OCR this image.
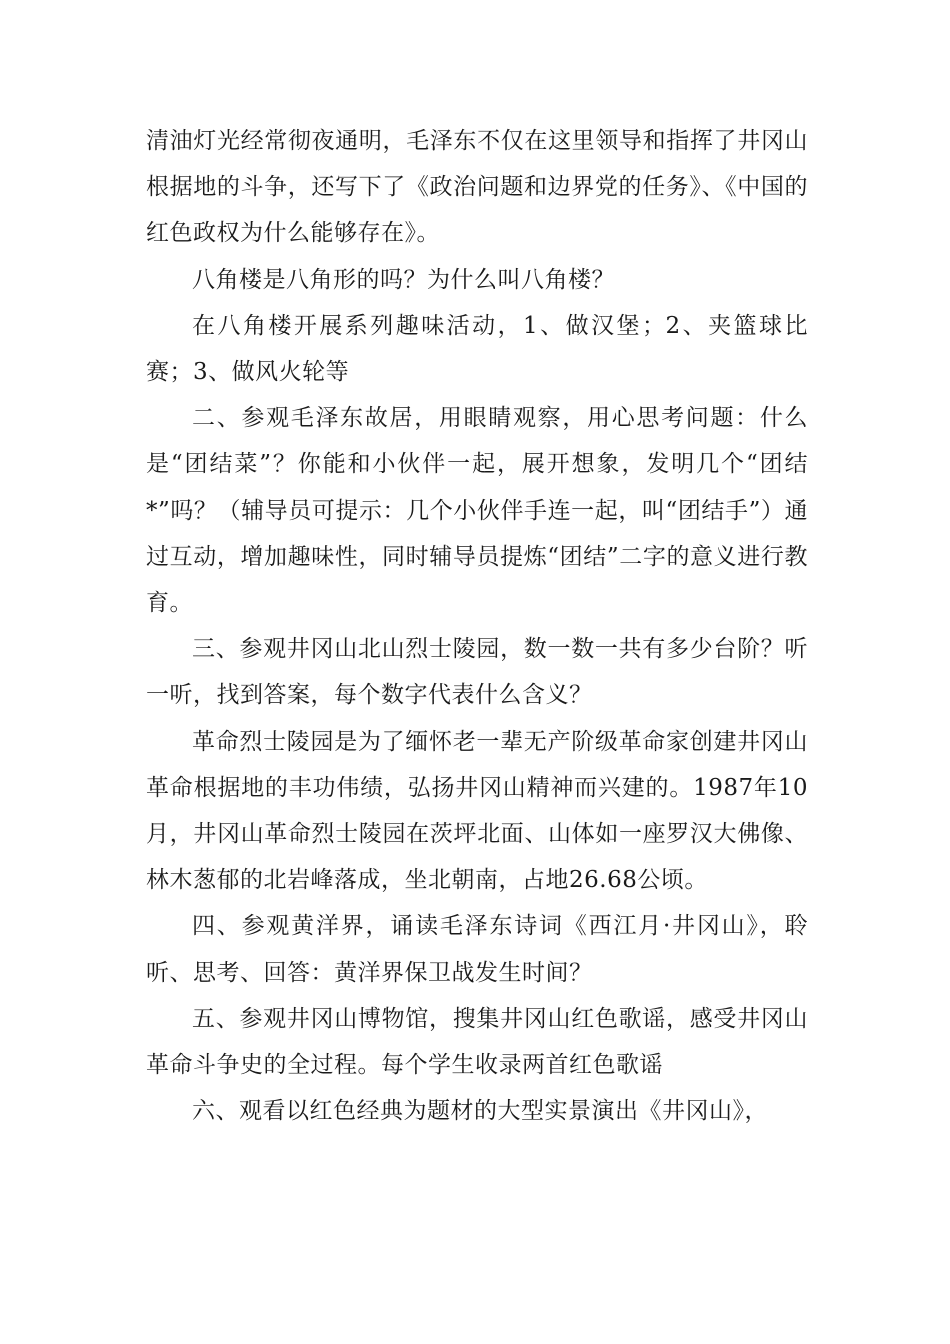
清油灯光经常彻夜通明，毛泽东不仅在这里领导和指挥了井冈山根据地的斗争，还写下了《政治问题和边界党的任务》、《中国的红色政权为什么能够存在》。

八角楼是八角形的吗？为什么叫八角楼？

在八角楼开展系列趣味活动，1、做汉堡；2、夹篮球比赛；3、做风火轮等

二、参观毛泽东故居，用眼睛观察，用心思考问题：什么是“团结菜”？你能和小伙伴一起，展开想象，发明几个“团结*”吗？（辅导员可提示：几个小伙伴手连一起，叫“团结手”）通过互动，增加趣味性，同时辅导员提炼“团结”二字的意义进行教育。

三、参观井冈山北山烈士陵园，数一数一共有多少台阶？听一听，找到答案，每个数字代表什么含义？

革命烈士陵园是为了缅怀老一辈无产阶级革命家创建井冈山革命根据地的丰功伟绩，弘扬井冈山精神而兴建的。1987年10月，井冈山革命烈士陵园在茨坪北面、山体如一座罗汉大佛像、林木葱郁的北岩峰落成，坐北朝南，占地26.68公顷。

四、参观黄洋界，诵读毛泽东诗词《西江月·井冈山》，聆听、思考、回答：黄洋界保卫战发生时间？

五、参观井冈山博物馆，搜集井冈山红色歌谣，感受井冈山革命斗争史的全过程。每个学生收录两首红色歌谣

六、观看以红色经典为题材的大型实景演出《井冈山》，
